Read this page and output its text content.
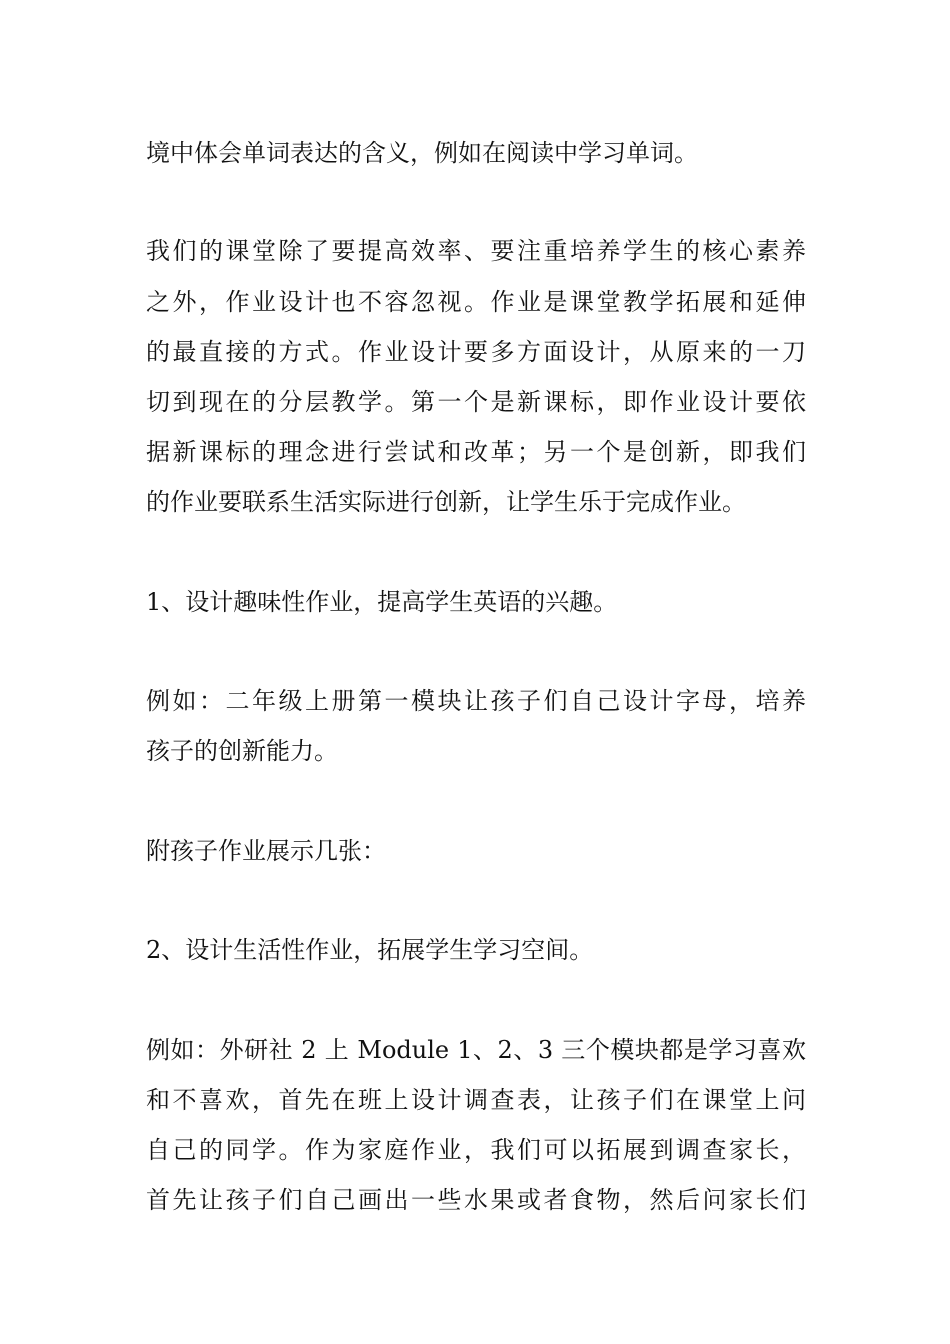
境中体会单词表达的含义，例如在阅读中学习单词。

我们的课堂除了要提高效率、要注重培养学生的核心素养

之外，作业设计也不容忽视。作业是课堂教学拓展和延伸

的最直接的方式。作业设计要多方面设计，从原来的一刀

切到现在的分层教学。第一个是新课标，即作业设计要依

据新课标的理念进行尝试和改革；另一个是创新，即我们

的作业要联系生活实际进行创新，让学生乐于完成作业。

1、设计趣味性作业，提高学生英语的兴趣。

例如：二年级上册第一模块让孩子们自己设计字母，培养

孩子的创新能力。

附孩子作业展示几张：

2、设计生活性作业，拓展学生学习空间。

例如：外研社 2 上 Module 1、2、3 三个模块都是学习喜欢

和不喜欢，首先在班上设计调查表，让孩子们在课堂上问

自己的同学。作为家庭作业，我们可以拓展到调查家长，

首先让孩子们自己画出一些水果或者食物，然后问家长们
